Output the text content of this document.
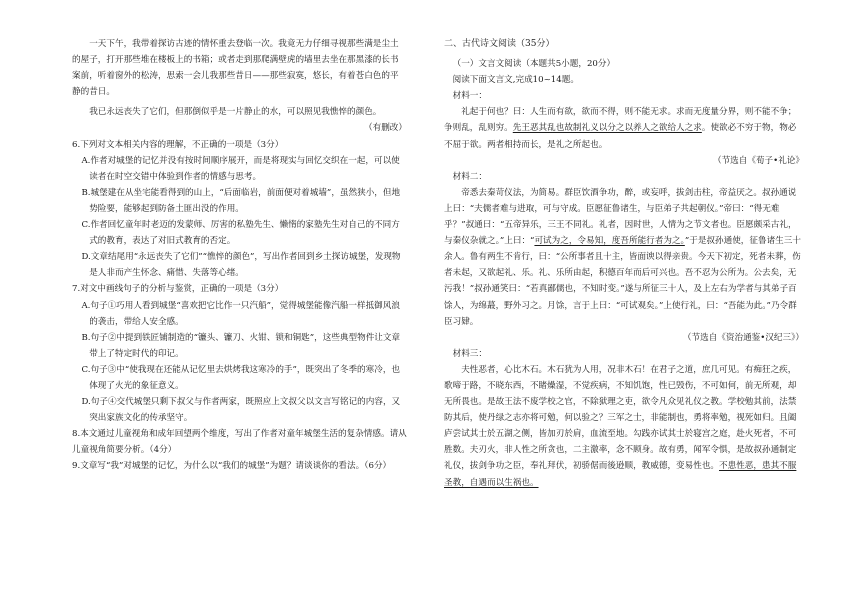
一天下午，我带着探访古迹的情怀重去登临一次。我竟无力仔细寻视那些满是尘土的屋子，打开那些堆在楼板上的书箱；或者走到那爬满壁虎的墙里去坐在那黑漆的长书案前，听着窗外的松涛，思索一会儿我那些昔日——那些寂寞，悠长，有着苍白色的平静的昔日。

我已永远丧失了它们，但那倒似乎是一片静止的水，可以照见我憔悴的颜色。

（有删改）

6.下列对文本相关内容的理解，不正确的一项是（3分）

A.作者对城堡的记忆并没有按时间顺序展开，而是将现实与回忆交织在一起，可以使读者在时空交错中体验到作者的情感与思考。

B.城堡建在从坐宅能看得到的山上，“后面临岩，前面便对着城墙”，虽然狭小，但地势险要，能够起到防备土匪出没的作用。

C.作者回忆童年时老迈的发蒙师、厉害的私塾先生、懒惰的家塾先生对自己的不同方式的教育，表达了对旧式教育的否定。

D.文章结尾用“永远丧失了它们”“憔悴的颜色”，写出作者回到乡土探访城堡，发现物是人非而产生怀念、痛惜、失落等心绪。

7.对文中画线句子的分析与鉴赏，正确的一项是（3分）

A.句子①巧用人看到城堡“喜欢把它比作一只汽船”，觉得城堡能像汽船一样抵御风浪的袭击，带给人安全感。

B.句子②中提到铁匠铺制造的“镰头、镰刀、火钳、锁和铜匙”，这些典型物件让文章带上了特定时代的印记。

C.句子③中“使我现在还能从记忆里去烘烤我这寒冷的手”，既突出了冬季的寒冷，也体现了火光的象征意义。

D.句子④交代城堡只剩下叔父与作者两家，既照应上文叔父以文言写铭记的内容，又突出家族文化的传承坚守。

8.本文通过儿童视角和成年回望两个维度，写出了作者对童年城堡生活的复杂情感。请从儿童视角简要分析。（4分）

9.文章写“我”对城堡的记忆，为什么以“我们的城堡”为题？请谈谈你的看法。（6分）

二、古代诗文阅读（35分）

（一）文言文阅读（本题共5小题，20分）

阅读下面文言文,完成10~14题。

材料一：

礼起于何也？曰：人生而有欲，欲而不得，则不能无求。求而无度量分界，则不能不争；争则乱，乱则穷。先王恶其乱也故制礼义以分之以养人之欲给人之求。使欲必不穷于物，物必不屈于欲。两者相持而长，是礼之所起也。

（节选自《荀子•礼论》

材料二：

帝悉去秦苛仪法，为简易。群臣饮酒争功，醉，或妄呼，拔剑击柱，帝益厌之。叔孙通说上曰：“夫儒者难与进取，可与守成。臣愿征鲁诸生，与臣弟子共起朝仪。”帝曰：“得无难乎？”叔通曰：“五帝异乐，三王不同礼。礼者，因时世，人情为之节文者也。臣愿颇采古礼，与秦仪杂就之。”上曰：“可试为之，令易知，度吾所能行者为之。”于是叔孙通使，征鲁诸生三十余人。鲁有两生不肯行，曰：“公所事者且十主，皆面谀以得亲贵。今天下初定，死者未葬，伤者未起，又欲起礼、乐。礼、乐所由起，积德百年而后可兴也。吾不忍为公所为。公去矣，无污我！”叔孙通笑曰：“若真鄙儒也，不知时变。”遂与所征三十人，及上左右为学者与其弟子百馀人，为绵蕞，野外习之。月馀，言于上曰：“可试观矣。”上使行礼，曰：“吾能为此。”乃令群臣习肄。

（节选自《资治通鉴•汉纪三》）

材料三：

夫性恶者，心比木石。木石犹为人用，况非木石！在君子之道，庶几可见。有痴狂之疾，歌啼于路，不晓东西，不睹燥湿，不觉疾病，不知饥饱，性已毁伤，不可如何，前无所观，却无所畏也。是故王法不废学校之官，不除狱理之吏，欲令凡众见礼仪之教。学校勉其前，法禁防其后，使丹绿之志亦将可勉，何以验之？三军之士，非能制也，勇将率勉，视死如归。且阖庐尝试其士於五湖之侧，皆加刃於肩，血流至地。勾践亦试其士於寝宫之庭，赴火死者，不可胜数。夫刃火，非人性之所贪也，二主激率，念不顾身。故有勇，闻军令惧，是故叔孙通制定礼仪，拔剑争功之臣，奉礼拜伏，初骄倨而後逊顺，教威德，变易性也。不患性恶，患其不服圣教，自遇而以生祸也。
